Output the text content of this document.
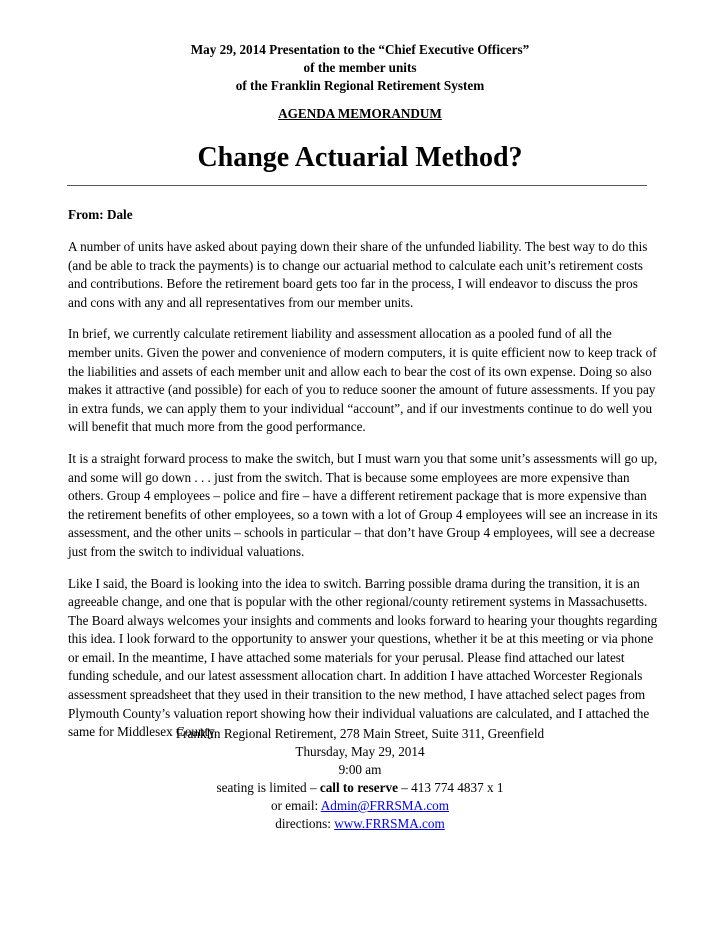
May 29, 2014 Presentation to the “Chief Executive Officers”
of the member units
of the Franklin Regional Retirement System
AGENDA MEMORANDUM
Change Actuarial Method?
From: Dale

A number of units have asked about paying down their share of the unfunded liability. The best way to do this (and be able to track the payments) is to change our actuarial method to calculate each unit’s retirement costs and contributions. Before the retirement board gets too far in the process, I will endeavor to discuss the pros and cons with any and all representatives from our member units.

In brief, we currently calculate retirement liability and assessment allocation as a pooled fund of all the member units. Given the power and convenience of modern computers, it is quite efficient now to keep track of the liabilities and assets of each member unit and allow each to bear the cost of its own expense. Doing so also makes it attractive (and possible) for each of you to reduce sooner the amount of future assessments. If you pay in extra funds, we can apply them to your individual “account”, and if our investments continue to do well you will benefit that much more from the good performance.

It is a straight forward process to make the switch, but I must warn you that some unit’s assessments will go up, and some will go down . . . just from the switch. That is because some employees are more expensive than others. Group 4 employees – police and fire – have a different retirement package that is more expensive than the retirement benefits of other employees, so a town with a lot of Group 4 employees will see an increase in its assessment, and the other units – schools in particular – that don’t have Group 4 employees, will see a decrease just from the switch to individual valuations.

Like I said, the Board is looking into the idea to switch. Barring possible drama during the transition, it is an agreeable change, and one that is popular with the other regional/county retirement systems in Massachusetts. The Board always welcomes your insights and comments and looks forward to hearing your thoughts regarding this idea. I look forward to the opportunity to answer your questions, whether it be at this meeting or via phone or email. In the meantime, I have attached some materials for your perusal. Please find attached our latest funding schedule, and our latest assessment allocation chart. In addition I have attached Worcester Regionals assessment spreadsheet that they used in their transition to the new method, I have attached select pages from Plymouth County’s valuation report showing how their individual valuations are calculated, and I attached the same for Middlesex County.

Franklin Regional Retirement, 278 Main Street, Suite 311, Greenfield
Thursday, May 29, 2014
9:00 am
seating is limited – call to reserve – 413 774 4837 x 1
or email: Admin@FRRSMA.com
directions: www.FRRSMA.com
